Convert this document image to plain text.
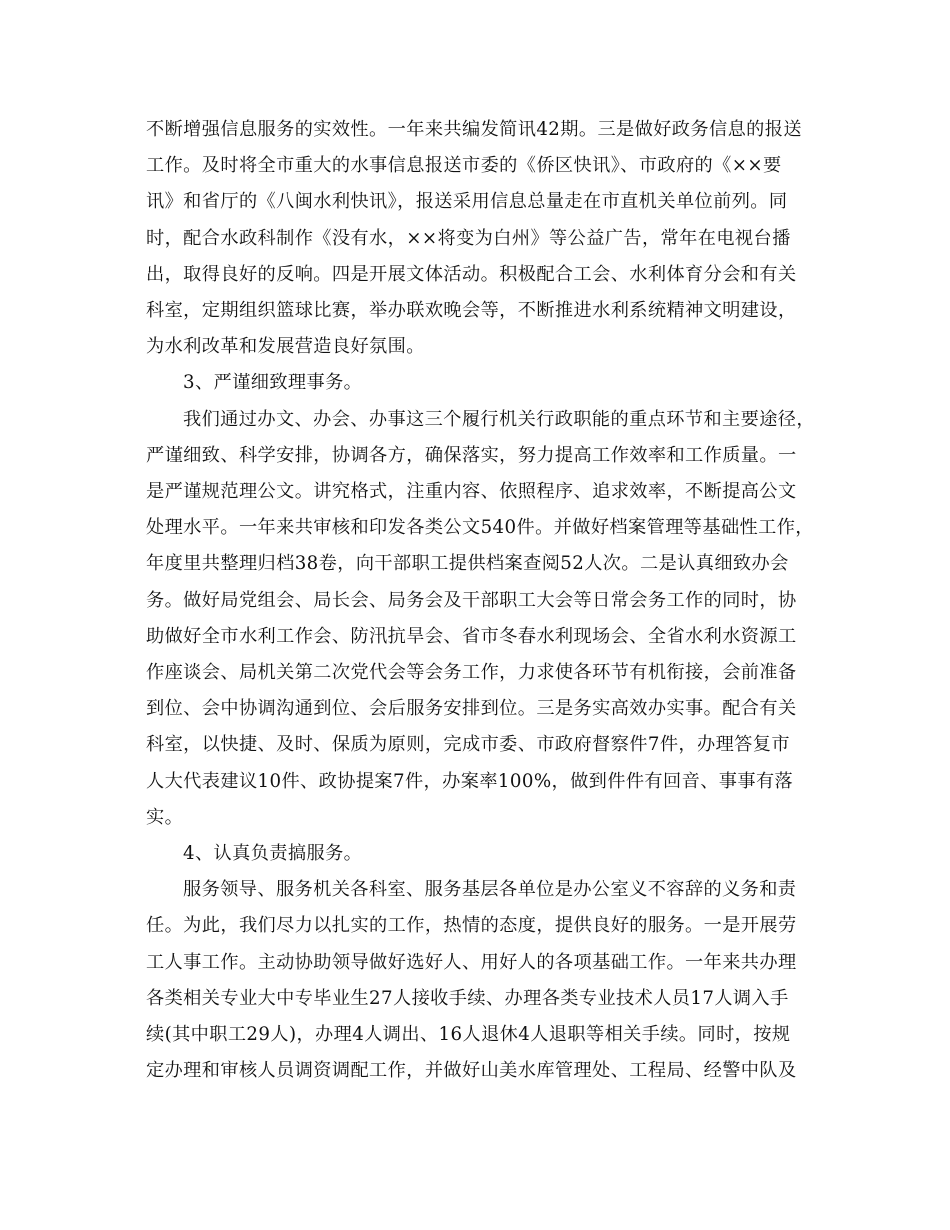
不断增强信息服务的实效性。一年来共编发简讯42期。三是做好政务信息的报送
工作。及时将全市重大的水事信息报送市委的《侨区快讯》、市政府的《××要
讯》和省厅的《八闽水利快讯》，报送采用信息总量走在市直机关单位前列。同
时，配合水政科制作《没有水，××将变为白州》等公益广告，常年在电视台播
出，取得良好的反响。四是开展文体活动。积极配合工会、水利体育分会和有关
科室，定期组织篮球比赛，举办联欢晚会等，不断推进水利系统精神文明建设，
为水利改革和发展营造良好氛围。

3、严谨细致理事务。

我们通过办文、办会、办事这三个履行机关行政职能的重点环节和主要途径，
严谨细致、科学安排，协调各方，确保落实，努力提高工作效率和工作质量。一
是严谨规范理公文。讲究格式，注重内容、依照程序、追求效率，不断提高公文
处理水平。一年来共审核和印发各类公文540件。并做好档案管理等基础性工作，
年度里共整理归档38卷，向干部职工提供档案查阅52人次。二是认真细致办会
务。做好局党组会、局长会、局务会及干部职工大会等日常会务工作的同时，协
助做好全市水利工作会、防汛抗旱会、省市冬春水利现场会、全省水利水资源工
作座谈会、局机关第二次党代会等会务工作，力求使各环节有机衔接，会前准备
到位、会中协调沟通到位、会后服务安排到位。三是务实高效办实事。配合有关
科室，以快捷、及时、保质为原则，完成市委、市政府督察件7件，办理答复市
人大代表建议10件、政协提案7件，办案率100%，做到件件有回音、事事有落
实。

4、认真负责搞服务。

服务领导、服务机关各科室、服务基层各单位是办公室义不容辞的义务和责
任。为此，我们尽力以扎实的工作，热情的态度，提供良好的服务。一是开展劳
工人事工作。主动协助领导做好选好人、用好人的各项基础工作。一年来共办理
各类相关专业大中专毕业生27人接收手续、办理各类专业技术人员17人调入手
续(其中职工29人)，办理4人调出、16人退休4人退职等相关手续。同时，按规
定办理和审核人员调资调配工作，并做好山美水库管理处、工程局、经警中队及
